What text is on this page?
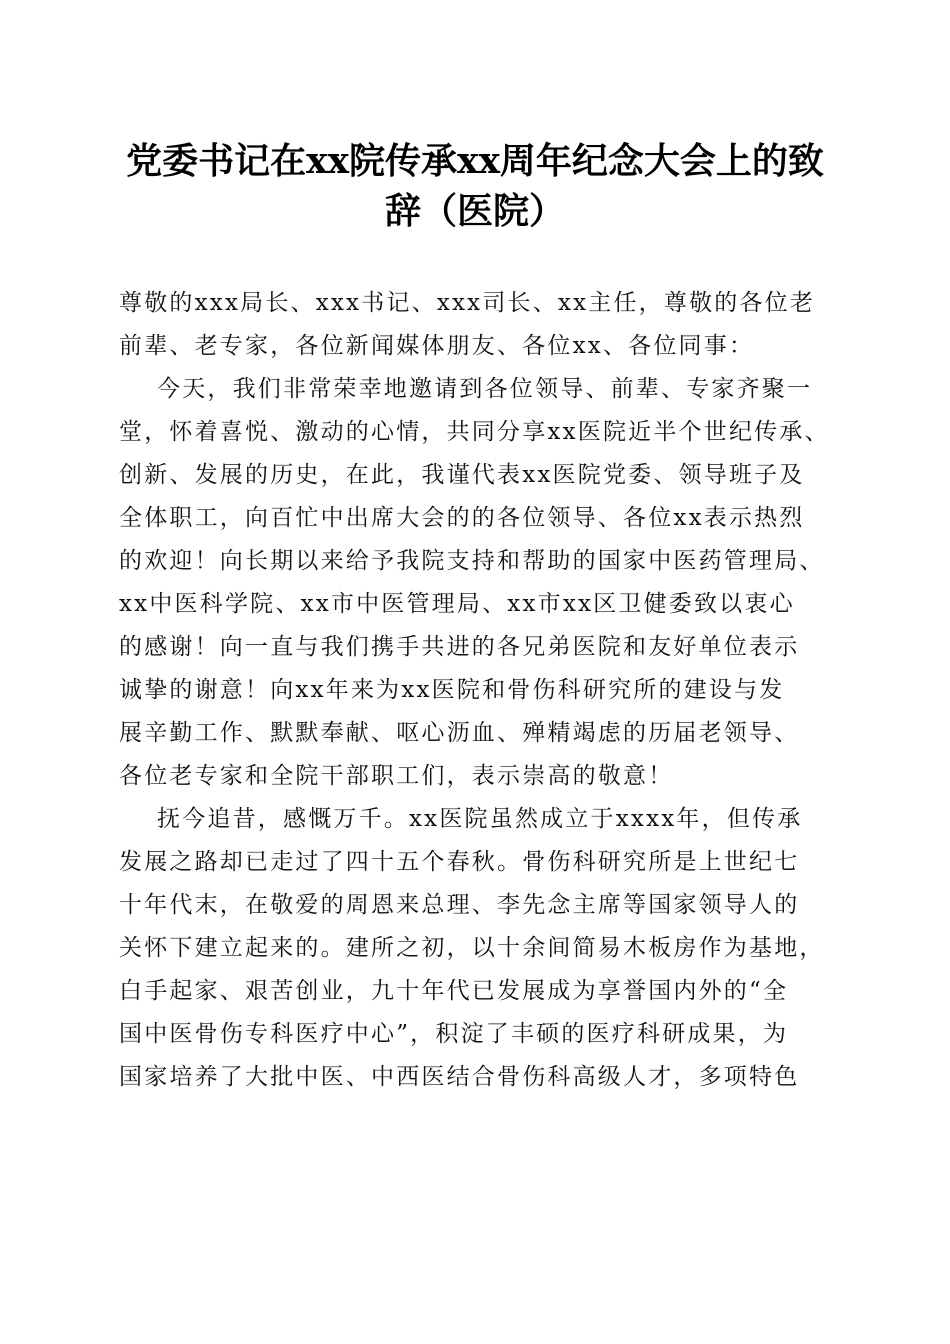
党委书记在xx院传承xx周年纪念大会上的致
辞（医院）
尊敬的xxx局长、xxx书记、xxx司长、xx主任，尊敬的各位老
前辈、老专家，各位新闻媒体朋友、各位xx、各位同事：
今天，我们非常荣幸地邀请到各位领导、前辈、专家齐聚一
堂，怀着喜悦、激动的心情，共同分享xx医院近半个世纪传承、
创新、发展的历史，在此，我谨代表xx医院党委、领导班子及
全体职工，向百忙中出席大会的的各位领导、各位xx表示热烈
的欢迎！向长期以来给予我院支持和帮助的国家中医药管理局、
xx中医科学院、xx市中医管理局、xx市xx区卫健委致以衷心
的感谢！向一直与我们携手共进的各兄弟医院和友好单位表示
诚挚的谢意！向xx年来为xx医院和骨伤科研究所的建设与发
展辛勤工作、默默奉献、呕心沥血、殚精竭虑的历届老领导、
各位老专家和全院干部职工们，表示崇高的敬意！
抚今追昔，感慨万千。xx医院虽然成立于xxxx年，但传承
发展之路却已走过了四十五个春秋。骨伤科研究所是上世纪七
十年代末，在敬爱的周恩来总理、李先念主席等国家领导人的
关怀下建立起来的。建所之初，以十余间简易木板房作为基地，
白手起家、艰苦创业，九十年代已发展成为享誉国内外的“全
国中医骨伤专科医疗中心”，积淀了丰硕的医疗科研成果，为
国家培养了大批中医、中西医结合骨伤科高级人才，多项特色
